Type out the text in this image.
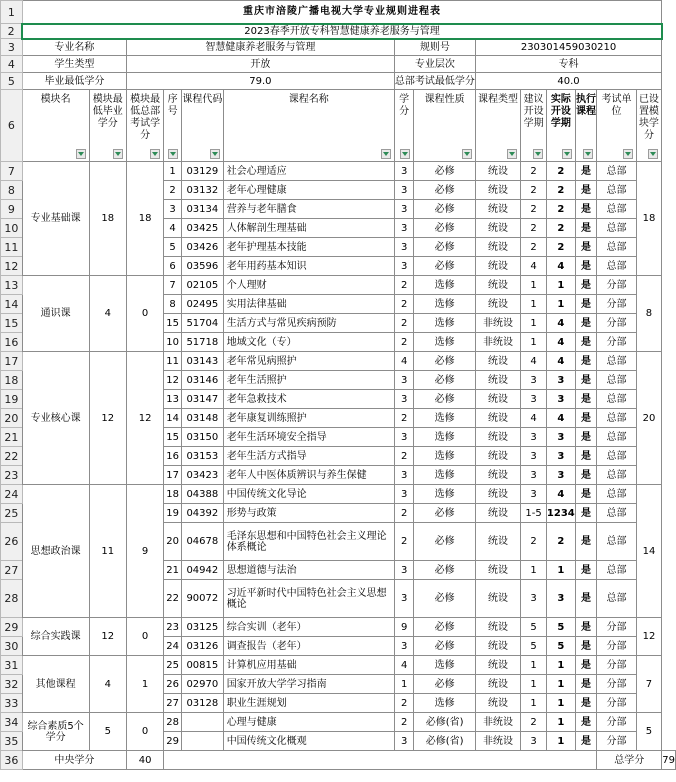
1	重庆市涪陵广播电视大学专业规则进程表														
2	2023春季开放专科智慧健康养老服务与管理														
3	专业名称		智慧健康养老服务与管理				规则号		230301459030210						
4	学生类型		开放				专业层次		专科						
5	毕业最低学分		79.0				总部考试最低学分		40.0						
6	模块名	模块最低毕业学分	模块最低总部考试学分	序号	课程代码	课程名称	学分	课程性质	课程类型	建议开设学期	实际开设学期	执行课程	考试单位	已设置模块学分	

7	专业基础课	18	18	1	03129	社会心理适应	3	必修	统设	2	2	是	总部	18	
8				2	03132	老年心理健康	3	必修	统设	2	2	是	总部		
9				3	03134	营养与老年膳食	3	必修	统设	2	2	是	总部		
10				4	03425	人体解剖生理基础	3	必修	统设	2	2	是	总部		
11				5	03426	老年护理基本技能	3	必修	统设	2	2	是	总部		
12				6	03596	老年用药基本知识	3	必修	统设	4	4	是	总部		
13	通识课	4	0	7	02105	个人理财	2	选修	统设	1	1	是	分部	8	
14				8	02495	实用法律基础	2	选修	统设	1	1	是	分部		
15				15	51704	生活方式与常见疾病预防	2	选修	非统设	1	4	是	分部		
16				10	51718	地域文化（专）	2	选修	非统设	1	4	是	分部		
17	专业核心课	12	12	11	03143	老年常见病照护	4	必修	统设	4	4	是	总部	20	
18				12	03146	老年生活照护	3	必修	统设	3	3	是	总部		
19				13	03147	老年急救技术	3	必修	统设	3	3	是	总部		
20				14	03148	老年康复训练照护	2	选修	统设	4	4	是	总部		
21				15	03150	老年生活环境安全指导	3	选修	统设	3	3	是	总部		
22				16	03153	老年生活方式指导	2	选修	统设	3	3	是	总部		
23				17	03423	老年人中医体质辨识与养生保健	3	选修	统设	3	3	是	总部		
24	思想政治课	11	9	18	04388	中国传统文化导论	3	选修	统设	3	4	是	总部	14	
25				19	04392	形势与政策	2	必修	统设	1-5	1234	是	总部		
26				20	04678	毛泽东思想和中国特色社会主义理论体系概论	2	必修	统设	2	2	是	总部		
27				21	04942	思想道德与法治	3	必修	统设	1	1	是	总部		
28				22	90072	习近平新时代中国特色社会主义思想概论	3	必修	统设	3	3	是	总部		
29	综合实践课	12	0	23	03125	综合实训（老年）	9	必修	统设	5	5	是	分部	12	
30				24	03126	调查报告（老年）	3	必修	统设	5	5	是	分部		
31	其他课程	4	1	25	00815	计算机应用基础	4	选修	统设	1	1	是	分部	7	
32				26	02970	国家开放大学学习指南	1	必修	统设	1	1	是	分部		
33				27	03128	职业生涯规划	2	选修	统设	1	1	是	分部		
34	综合素质5个学分	5	0	28		心理与健康	2	必修(省)	非统设	2	1	是	分部	5	
35				29		中国传统文化概观	3	必修(省)	非统设	3	1	是	分部		
36	中央学分		40										总学分		79
